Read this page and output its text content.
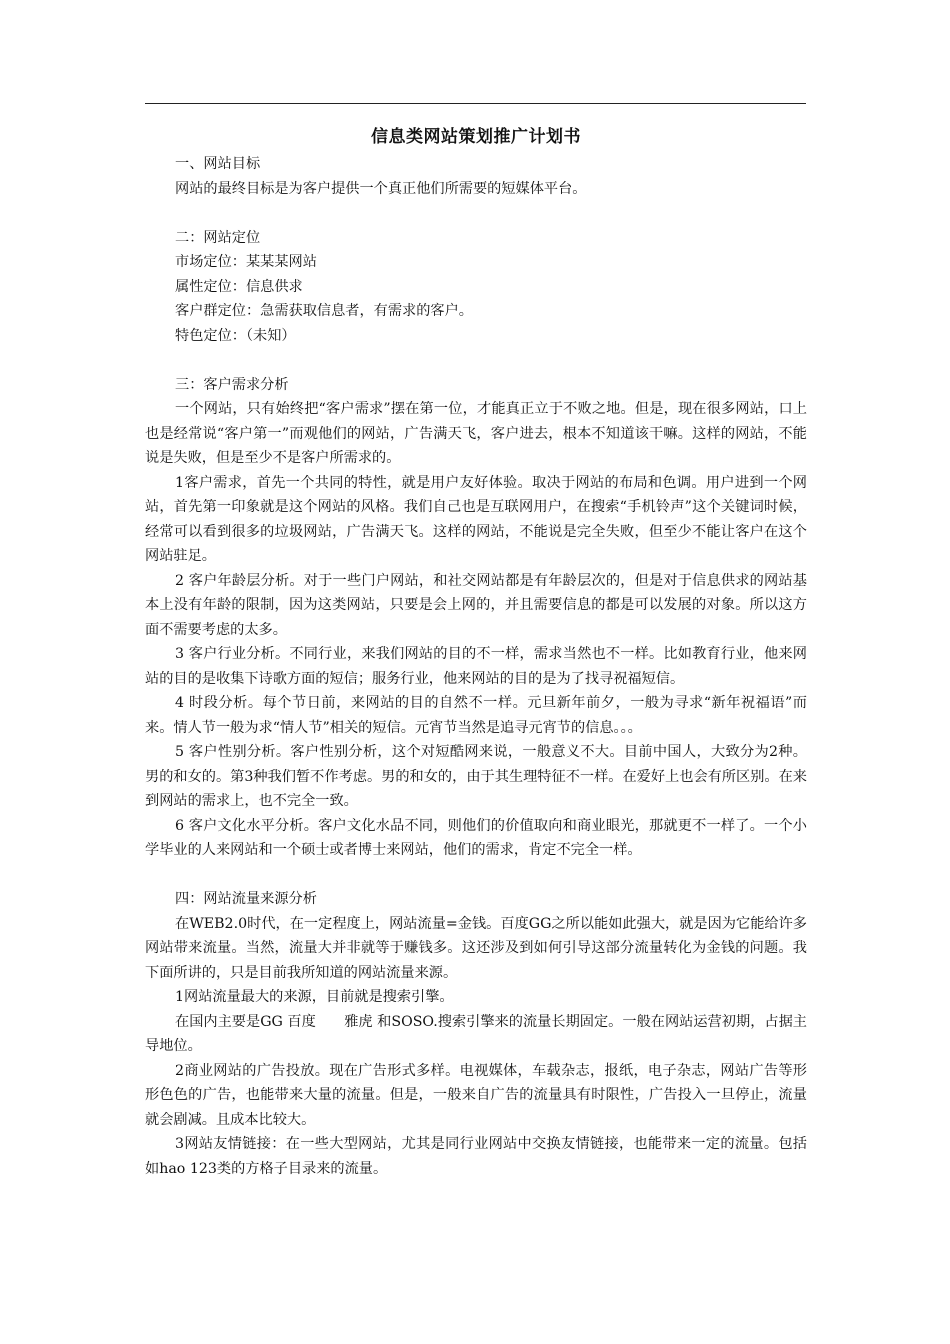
信息类网站策划推广计划书

一、网站目标

网站的最终目标是为客户提供一个真正他们所需要的短媒体平台。

二：网站定位

市场定位：某某某网站

属性定位：信息供求

客户群定位：急需获取信息者，有需求的客户。

特色定位：（未知）

三：客户需求分析

一个网站，只有始终把“客户需求”摆在第一位，才能真正立于不败之地。但是，现在很多网站，口上也是经常说“客户第一”而观他们的网站，广告满天飞，客户进去，根本不知道该干嘛。这样的网站，不能说是失败，但是至少不是客户所需求的。

1客户需求，首先一个共同的特性，就是用户友好体验。取决于网站的布局和色调。用户进到一个网站，首先第一印象就是这个网站的风格。我们自己也是互联网用户，在搜索“手机铃声”这个关键词时候，经常可以看到很多的垃圾网站，广告满天飞。这样的网站，不能说是完全失败，但至少不能让客户在这个网站驻足。

2 客户年龄层分析。对于一些门户网站，和社交网站都是有年龄层次的，但是对于信息供求的网站基本上没有年龄的限制，因为这类网站，只要是会上网的，并且需要信息的都是可以发展的对象。所以这方面不需要考虑的太多。

3 客户行业分析。不同行业，来我们网站的目的不一样，需求当然也不一样。比如教育行业，他来网站的目的是收集下诗歌方面的短信；服务行业，他来网站的目的是为了找寻祝福短信。

4 时段分析。每个节日前，来网站的目的自然不一样。元旦新年前夕，一般为寻求“新年祝福语”而来。情人节一般为求“情人节”相关的短信。元宵节当然是追寻元宵节的信息。。。

5 客户性别分析。客户性别分析，这个对短酷网来说，一般意义不大。目前中国人，大致分为2种。男的和女的。第3种我们暂不作考虑。男的和女的，由于其生理特征不一样。在爱好上也会有所区别。在来到网站的需求上，也不完全一致。

6 客户文化水平分析。客户文化水品不同，则他们的价值取向和商业眼光，那就更不一样了。一个小学毕业的人来网站和一个硕士或者博士来网站，他们的需求，肯定不完全一样。

四：网站流量来源分析

在WEB2.0时代，在一定程度上，网站流量=金钱。百度GG之所以能如此强大，就是因为它能给许多网站带来流量。当然，流量大并非就等于赚钱多。这还涉及到如何引导这部分流量转化为金钱的问题。我下面所讲的，只是目前我所知道的网站流量来源。

1网站流量最大的来源，目前就是搜索引擎。

在国内主要是GG 百度　　雅虎 和SOSO.搜索引擎来的流量长期固定。一般在网站运营初期，占据主导地位。

2商业网站的广告投放。现在广告形式多样。电视媒体，车载杂志，报纸，电子杂志，网站广告等形形色色的广告，也能带来大量的流量。但是，一般来自广告的流量具有时限性，广告投入一旦停止，流量就会剧减。且成本比较大。

3网站友情链接：在一些大型网站，尤其是同行业网站中交换友情链接，也能带来一定的流量。包括如hao 123类的方格子目录来的流量。
